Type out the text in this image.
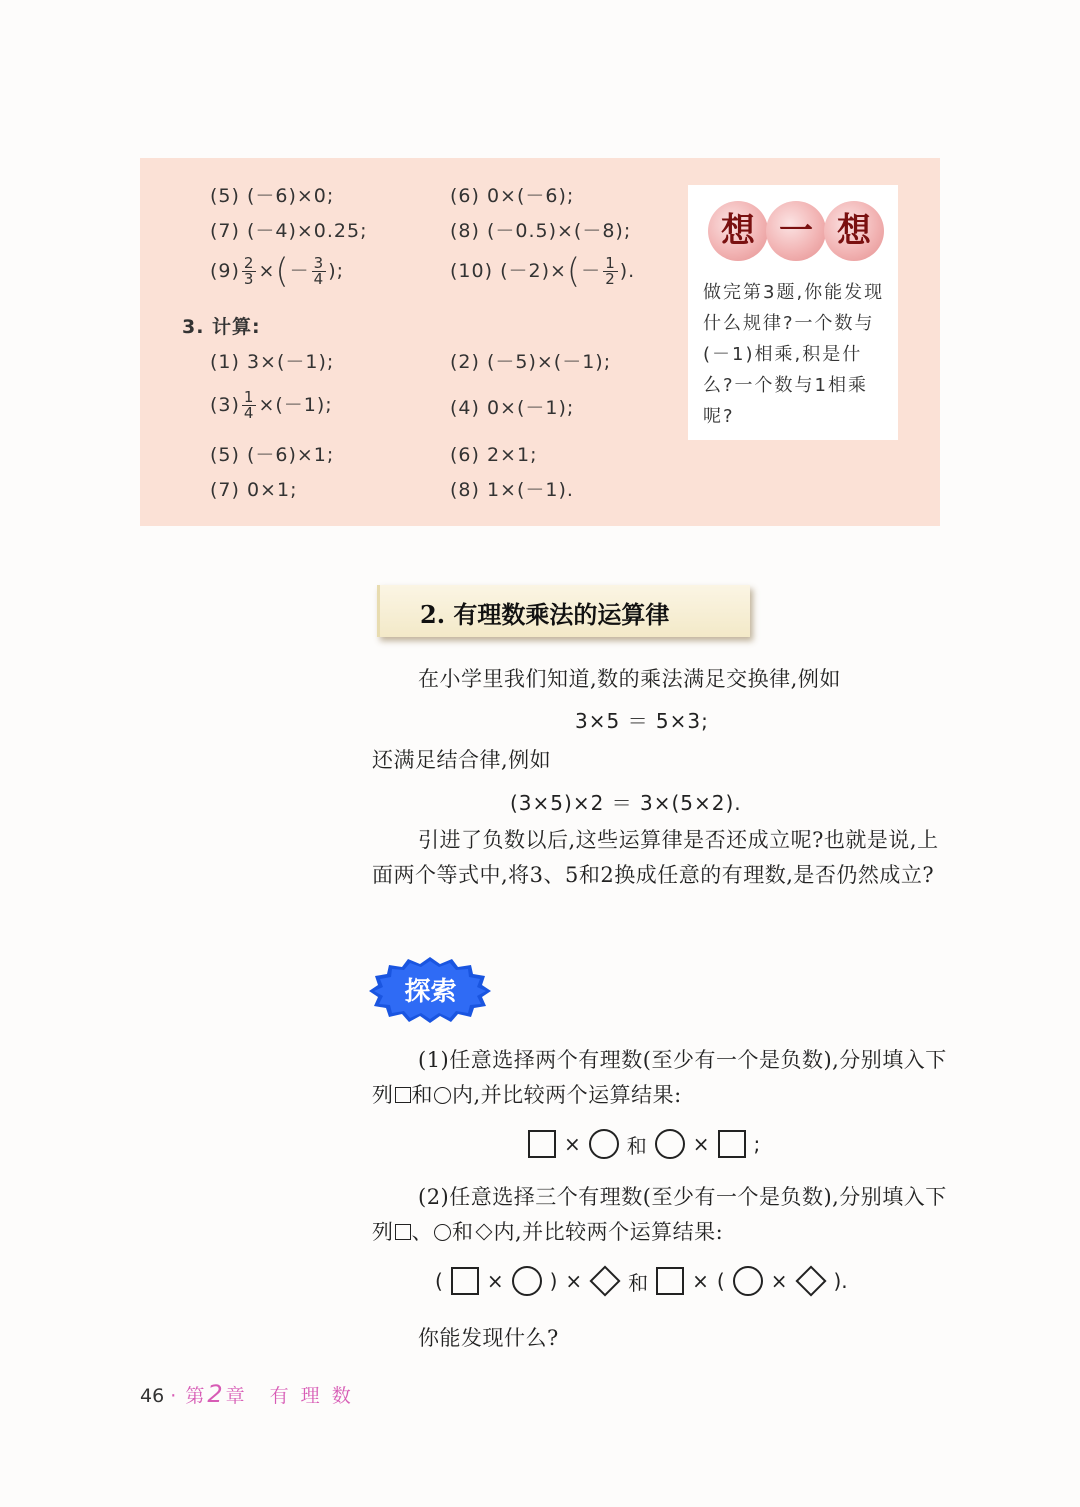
(5) (－6)×0;	(6) 0×(－6);
(7) (－4)×0.25;	(8) (－0.5)×(－8);
$(9) \frac{2}{3}$ ×(－ $\frac{3}{4}$ );	(10) $(-2)\times(- \frac{1}{2}$ ).
3. 计算:
(1) 3×(－1);	(2) (－5)×(－1);
$(3) \frac{1}{4} \times(-1)$;	(4) 0×(－1);
(5) (－6)×1;	(6) 2×1;
(7) 0×1;	(8) 1×(－1).
想 一 想
做完第3题,你能发现什么规律?一个数与(－1)相乘,积是什么?一个数与1相乘呢?
2. 有理数乘法的运算律
在小学里我们知道,数的乘法满足交换律,例如
3×5 ＝ 5×3;
还满足结合律,例如
(3×5)×2 ＝ 3×(5×2).
引进了负数以后,这些运算律是否还成立呢?也就是说,上面两个等式中,将3、5和2换成任意的有理数,是否仍然成立?
探索
(1)任意选择两个有理数(至少有一个是负数),分别填入下列 和 内,并比较两个运算结果:
× 和 × ;
(2)任意选择三个有理数(至少有一个是负数),分别填入下列 、 和 内,并比较两个运算结果:
( × ) × 和 × ( × ).
你能发现什么?
46 · 第2章　有 理 数
